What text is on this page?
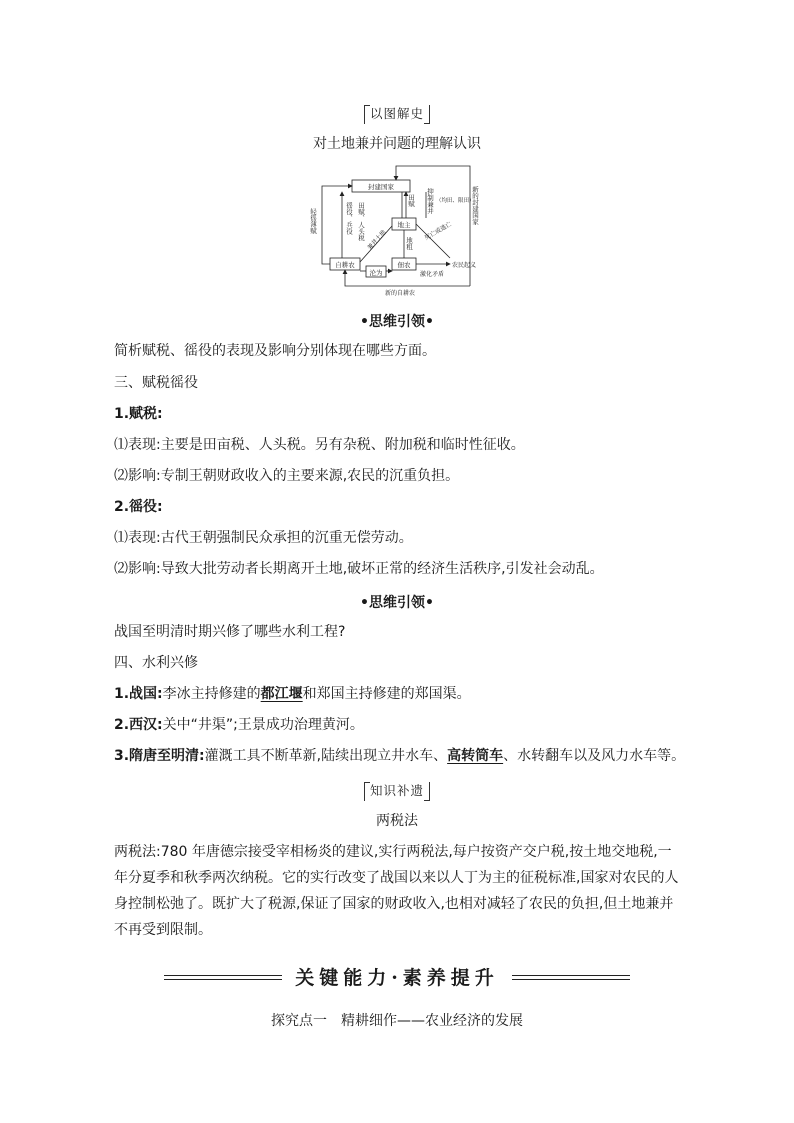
以图解史
对土地兼并问题的理解认识
封建国家
地主
自耕农	佃农
沦为
轻徭薄赋	徭役、兵役 田赋、人头税
田赋 抑制兼并 （均田、限田）
兼并土地	地租
死亡或逃亡
新的封建国家
农民起义
激化矛盾
新的自耕农
•思维引领•
简析赋税、徭役的表现及影响分别体现在哪些方面。
三、赋税徭役
1.赋税:
⑴表现:主要是田亩税、人头税。另有杂税、附加税和临时性征收。
⑵影响:专制王朝财政收入的主要来源,农民的沉重负担。
2.徭役:
⑴表现:古代王朝强制民众承担的沉重无偿劳动。
⑵影响:导致大批劳动者长期离开土地,破坏正常的经济生活秩序,引发社会动乱。
•思维引领•
战国至明清时期兴修了哪些水利工程?
四、水利兴修
1.战国:李冰主持修建的都江堰和郑国主持修建的郑国渠。
2.西汉:关中“井渠”;王景成功治理黄河。
3.隋唐至明清:灌溉工具不断革新,陆续出现立井水车、高转筒车、水转翻车以及风力水车等。
知识补遗
两税法
两税法:780 年唐德宗接受宰相杨炎的建议,实行两税法,每户按资产交户税,按土地交地税,一
年分夏季和秋季两次纳税。它的实行改变了战国以来以人丁为主的征税标准,国家对农民的人
身控制松弛了。既扩大了税源,保证了国家的财政收入,也相对减轻了农民的负担,但土地兼并
不再受到限制。
关键能力·素养提升
探究点一　精耕细作——农业经济的发展
